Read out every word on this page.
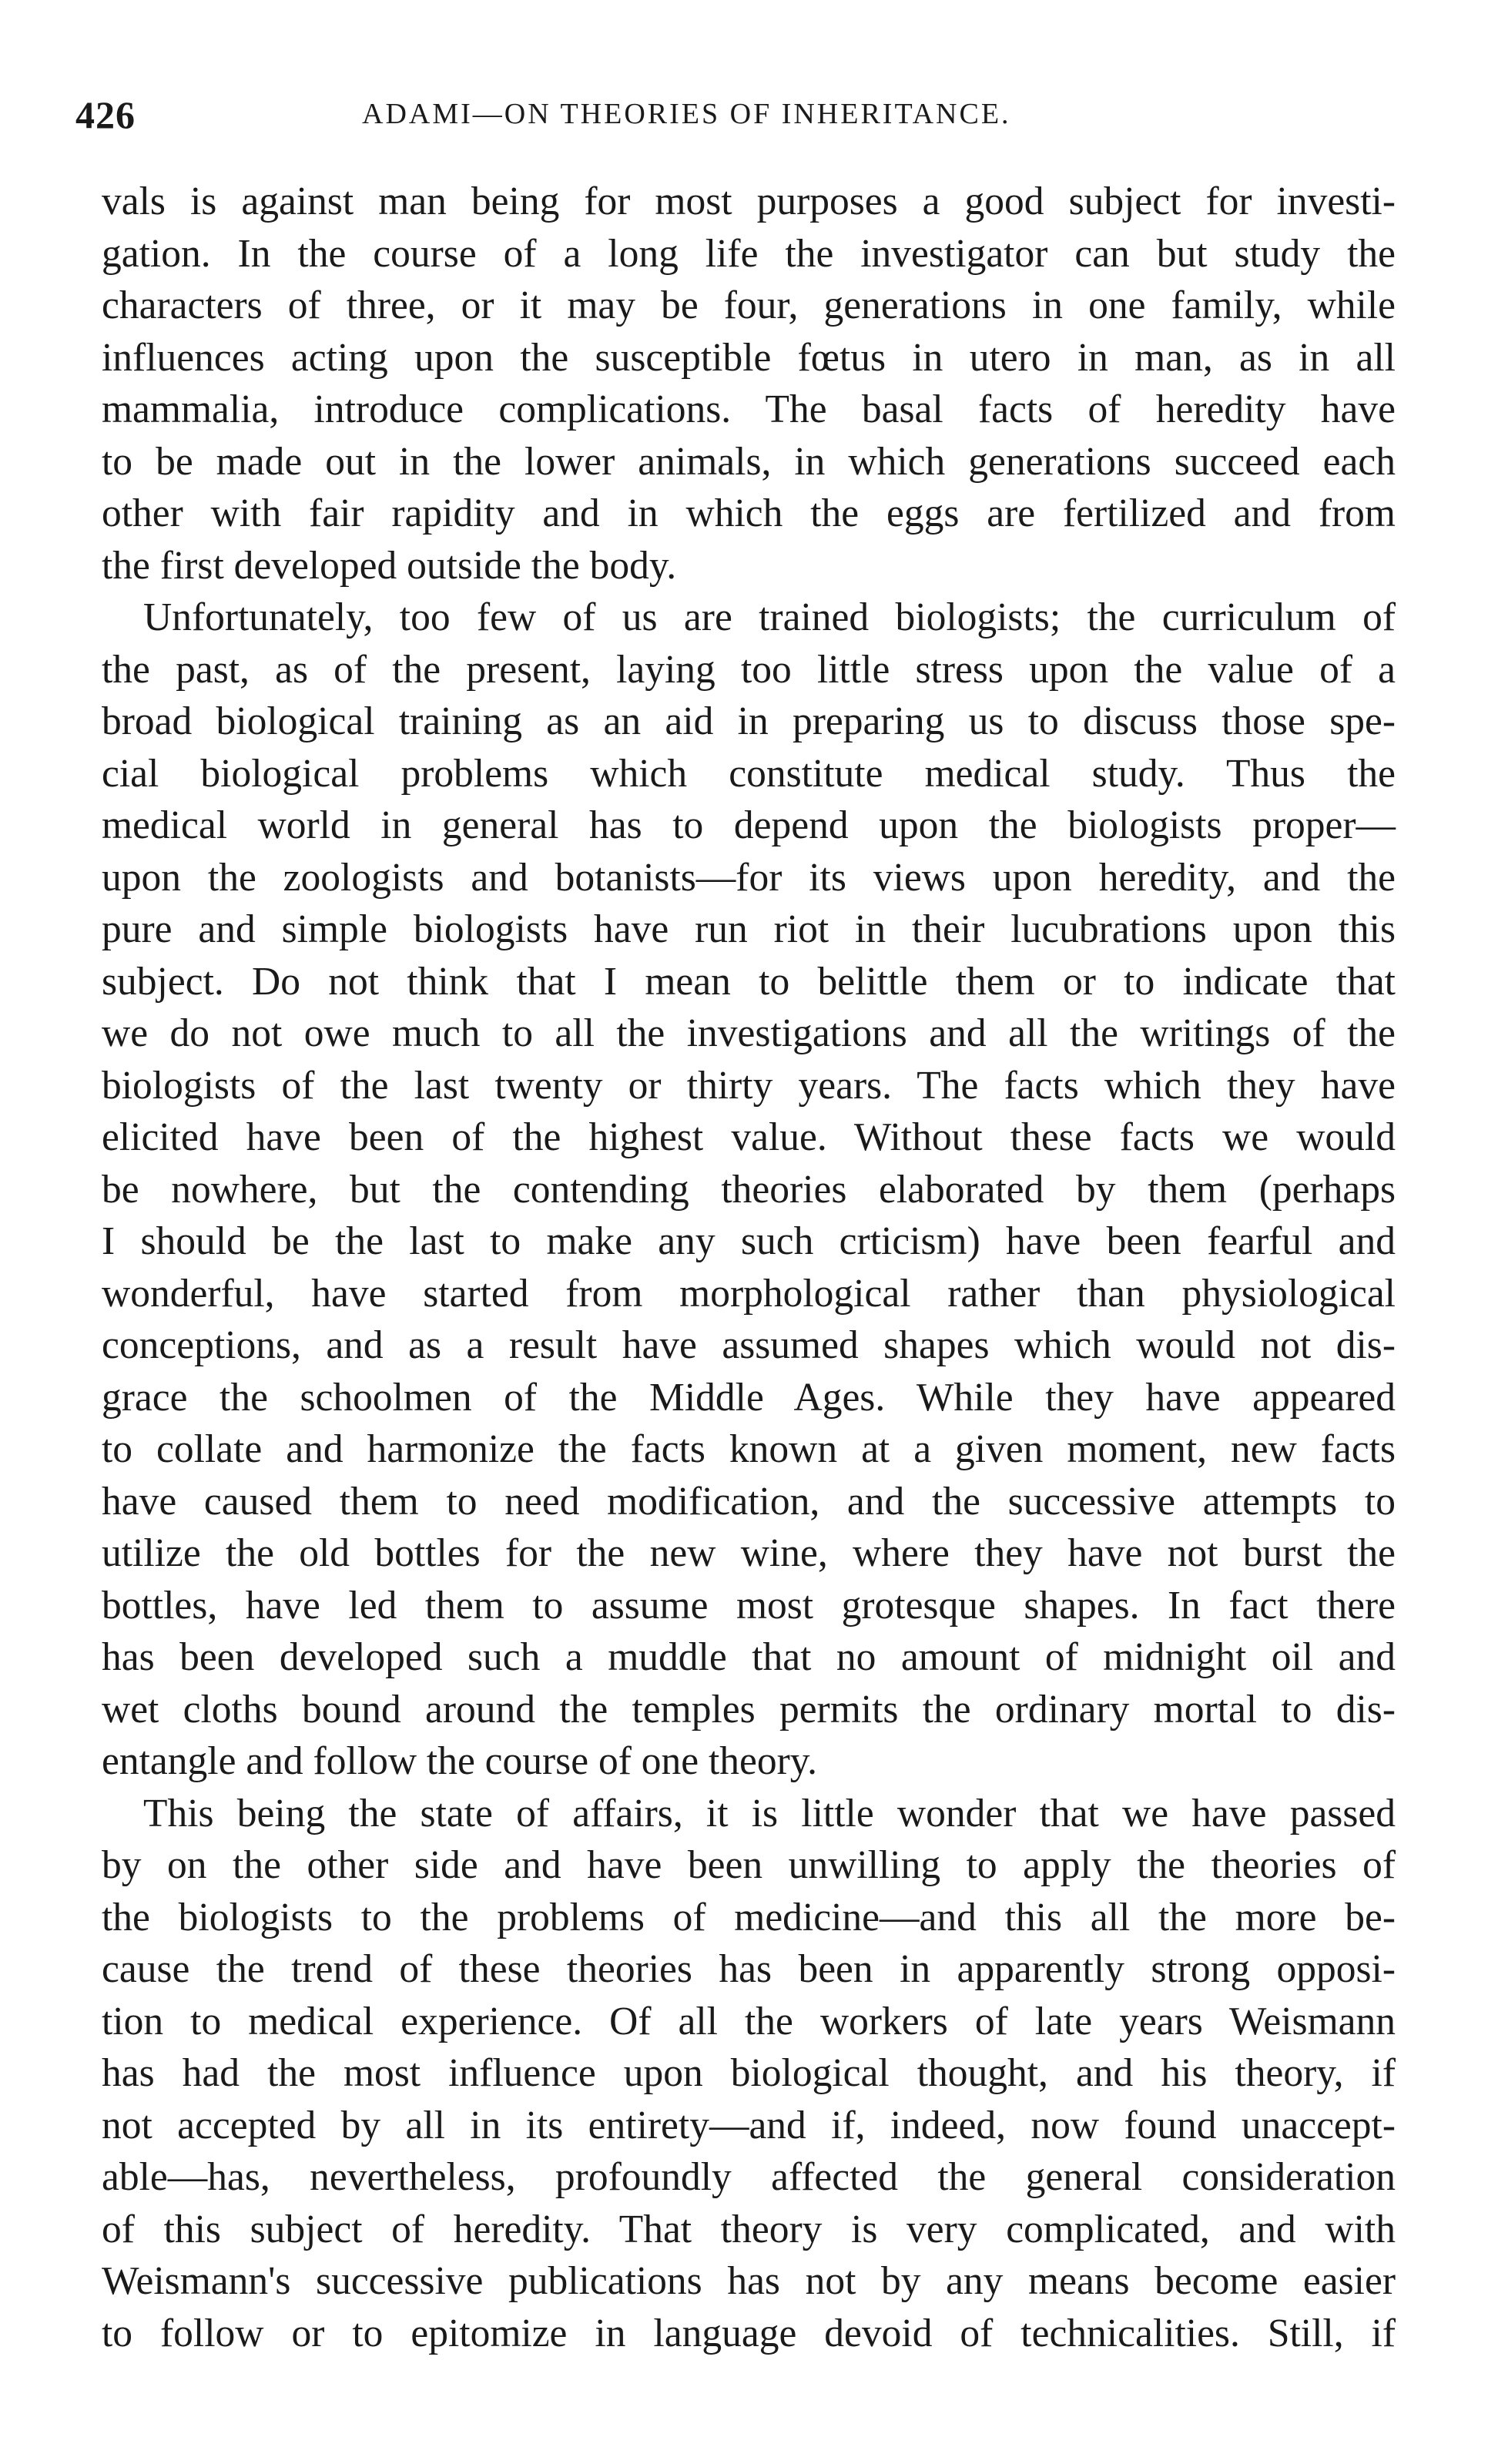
426	ADAMI—ON THEORIES OF INHERITANCE.
vals is against man being for most purposes a good subject for investi-
gation. In the course of a long life the investigator can but study the
characters of three, or it may be four, generations in one family, while
influences acting upon the susceptible fœtus in utero in man, as in all
mammalia, introduce complications. The basal facts of heredity have
to be made out in the lower animals, in which generations succeed each
other with fair rapidity and in which the eggs are fertilized and from
the first developed outside the body.
Unfortunately, too few of us are trained biologists; the curriculum of
the past, as of the present, laying too little stress upon the value of a
broad biological training as an aid in preparing us to discuss those spe-
cial biological problems which constitute medical study. Thus the
medical world in general has to depend upon the biologists proper—
upon the zoologists and botanists—for its views upon heredity, and the
pure and simple biologists have run riot in their lucubrations upon this
subject. Do not think that I mean to belittle them or to indicate that
we do not owe much to all the investigations and all the writings of the
biologists of the last twenty or thirty years. The facts which they have
elicited have been of the highest value. Without these facts we would
be nowhere, but the contending theories elaborated by them (perhaps
I should be the last to make any such crticism) have been fearful and
wonderful, have started from morphological rather than physiological
conceptions, and as a result have assumed shapes which would not dis-
grace the schoolmen of the Middle Ages. While they have appeared
to collate and harmonize the facts known at a given moment, new facts
have caused them to need modification, and the successive attempts to
utilize the old bottles for the new wine, where they have not burst the
bottles, have led them to assume most grotesque shapes. In fact there
has been developed such a muddle that no amount of midnight oil and
wet cloths bound around the temples permits the ordinary mortal to dis-
entangle and follow the course of one theory.
This being the state of affairs, it is little wonder that we have passed
by on the other side and have been unwilling to apply the theories of
the biologists to the problems of medicine—and this all the more be-
cause the trend of these theories has been in apparently strong opposi-
tion to medical experience. Of all the workers of late years Weismann
has had the most influence upon biological thought, and his theory, if
not accepted by all in its entirety—and if, indeed, now found unaccept-
able—has, nevertheless, profoundly affected the general consideration
of this subject of heredity. That theory is very complicated, and with
Weismann's successive publications has not by any means become easier
to follow or to epitomize in language devoid of technicalities. Still, if
